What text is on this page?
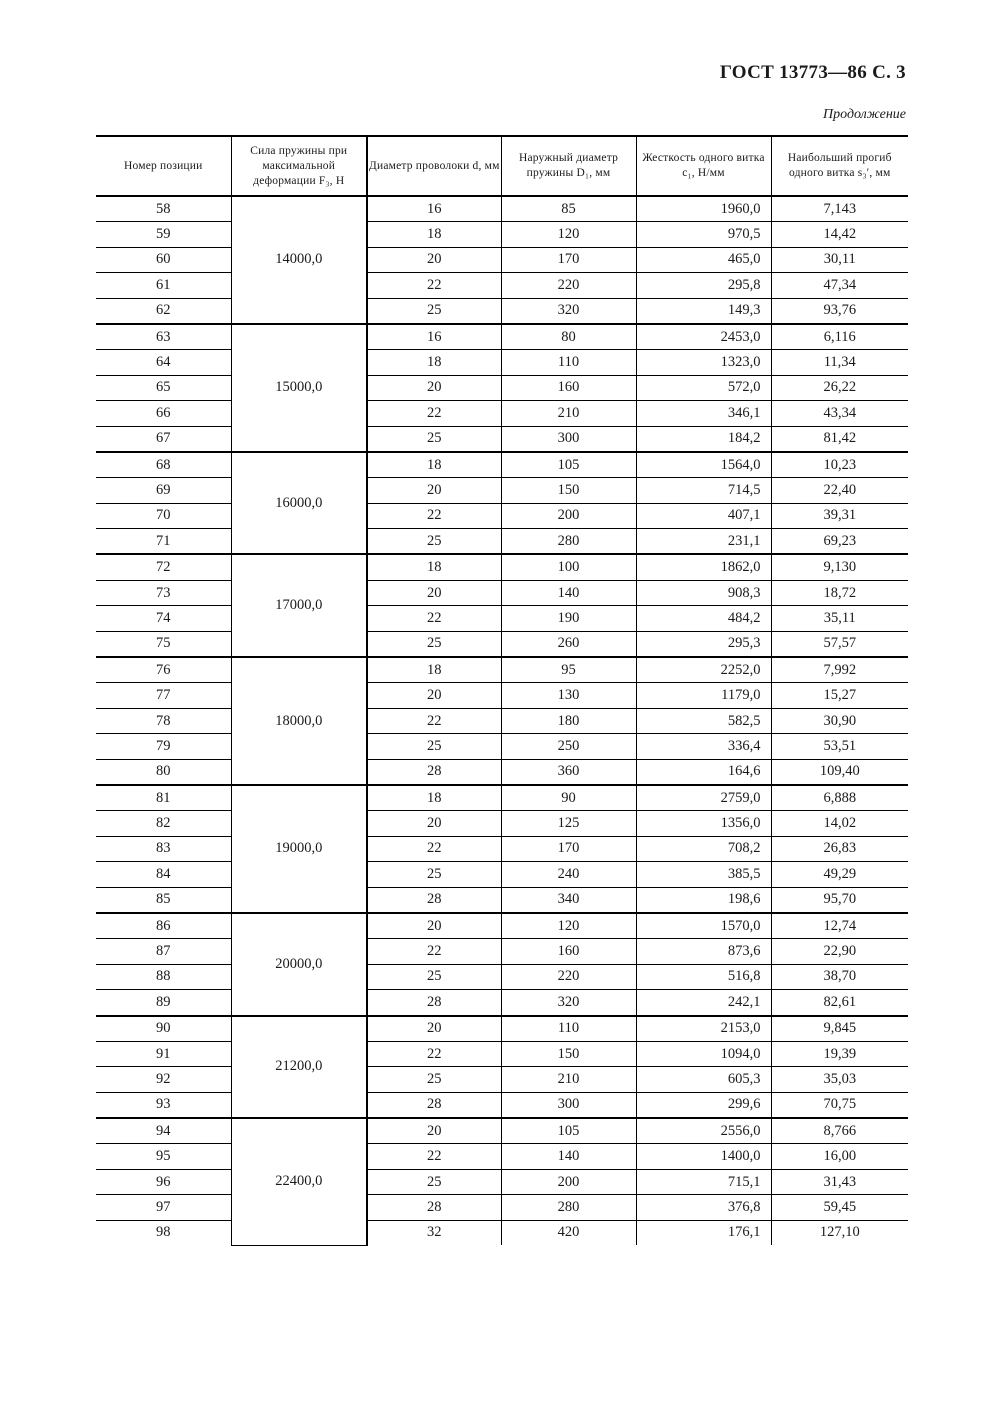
ГОСТ 13773—86 С. 3
Продолжение
Номер позиции	Сила пружины при максимальной деформации F₃, Н	Диаметр проволоки d, мм	Наружный диаметр пружины D₁, мм	Жесткость одного витка c₁, Н/мм	Наибольший прогиб одного витка s₃′, мм
58	14000,0	16	85	1960,0	7,143
59		18	120	970,5	14,42
60		20	170	465,0	30,11
61		22	220	295,8	47,34
62		25	320	149,3	93,76
63	15000,0	16	80	2453,0	6,116
64		18	110	1323,0	11,34
65		20	160	572,0	26,22
66		22	210	346,1	43,34
67		25	300	184,2	81,42
68	16000,0	18	105	1564,0	10,23
69		20	150	714,5	22,40
70		22	200	407,1	39,31
71		25	280	231,1	69,23
72	17000,0	18	100	1862,0	9,130
73		20	140	908,3	18,72
74		22	190	484,2	35,11
75		25	260	295,3	57,57
76	18000,0	18	95	2252,0	7,992
77		20	130	1179,0	15,27
78		22	180	582,5	30,90
79		25	250	336,4	53,51
80		28	360	164,6	109,40
81	19000,0	18	90	2759,0	6,888
82		20	125	1356,0	14,02
83		22	170	708,2	26,83
84		25	240	385,5	49,29
85		28	340	198,6	95,70
86	20000,0	20	120	1570,0	12,74
87		22	160	873,6	22,90
88		25	220	516,8	38,70
89		28	320	242,1	82,61
90	21200,0	20	110	2153,0	9,845
91		22	150	1094,0	19,39
92		25	210	605,3	35,03
93		28	300	299,6	70,75
94	22400,0	20	105	2556,0	8,766
95		22	140	1400,0	16,00
96		25	200	715,1	31,43
97		28	280	376,8	59,45
98		32	420	176,1	127,10
